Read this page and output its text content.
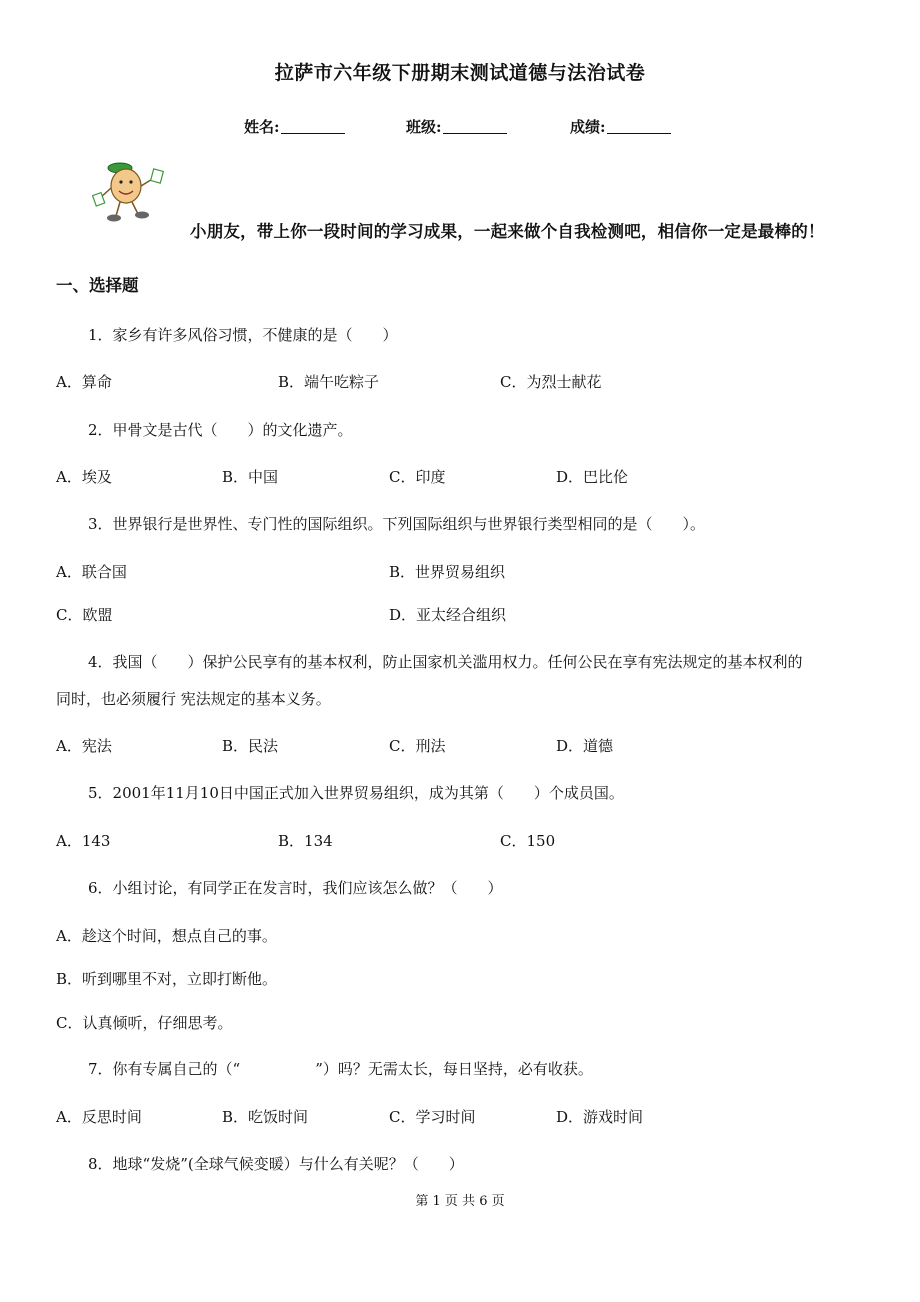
拉萨市六年级下册期末测试道德与法治试卷
姓名:	班级:	成绩:
小朋友，带上你一段时间的学习成果，一起来做个自我检测吧，相信你一定是最棒的！
一、选择题
1．家乡有许多风俗习惯，不健康的是（　　）
A．算命	B．端午吃粽子	C．为烈士献花
2．甲骨文是古代（　　）的文化遗产。
A．埃及	B．中国	C．印度	D．巴比伦
3．世界银行是世界性、专门性的国际组织。下列国际组织与世界银行类型相同的是（　　）。
A．联合国	B．世界贸易组织
C．欧盟	D．亚太经合组织
4．我国（　　）保护公民享有的基本权利，防止国家机关滥用权力。任何公民在享有宪法规定的基本权利的
同时，也必须履行 宪法规定的基本义务。
A．宪法	B．民法	C．刑法	D．道德
5．2001年11月10日中国正式加入世界贸易组织，成为其第（　　）个成员国。
A．143	B．134	C．150
6．小组讨论，有同学正在发言时，我们应该怎么做？（　　）
A．趁这个时间，想点自己的事。
B．听到哪里不对，立即打断他。
C．认真倾听，仔细思考。
7．你有专属自己的（“　　　　　”）吗？无需太长，每日坚持，必有收获。
A．反思时间	B．吃饭时间	C．学习时间	D．游戏时间
8．地球“发烧”(全球气候变暖）与什么有关呢？（　　）
第 1 页 共 6 页
